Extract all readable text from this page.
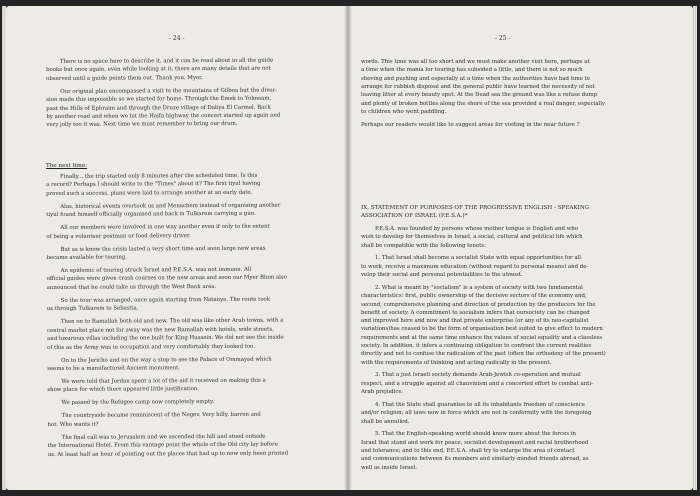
- 24 -
There is no space here to describe it, and it can be read about in all the guide
books but once again, even while looking at it, there are many details that are not
observed until a guide points them out. Thank you, Myer.
Our original plan encompassed a visit to the mountains of Gilboa but the diver-
sion made this impossible so we started for home. Through the Emek to Yokneam,
past the Hills of Ephraim and through the Druze village of Daliya El Carmel. Back
by another road and when we hit the Haifa highway the concert started up again and
very jolly too it was. Next time we must remember to bring our drum.
The next time:
Finally... the trip started only 8 minutes after the scheduled time. Is this
a record? Perhaps I should write to the "Times" about it? The first tiyul having
proved such a success, plans were laid to arrange another at an early date.
Alas, historical events overtook us and Menachem instead of organising another
tiyul found himself officially organised and back in Tulkarem carrying a gun.
All our members were involved in one way another even if only to the extent
of being a volunteer postman or food delivery driver.
But as is know the crisis lasted a very short time and soon large new areas
became available for touring.
An epidemic of touring struck Israel and P.E.S.A. was not immune. All
official guides were given crash courses on the new areas and soon our Myer Blum also
announced that he could take us through the West Bank area.
So the tour was arranged, once again starting from Natanya. The route took
us through Tulkarem to Sebastia.
Then on to Ramallah both old and new. The old was like other Arab towns, with a
central market place not far away was the new Ramallah with hotels, wide streets,
and luxurious villas including the one built for King Hussein. We did not see the inside
of this as the Army was in occupation and very comfortably they looked too.
On to the Jericho and on the way a stop to see the Palace of Ommayad which
seems to be a manufactured Ancient monument.
We were told that Jordan spent a lot of the aid it received on making this a
show place for which there appeared little justification.
We passed by the Refugee camp now completely empty.
The countryside became reminiscent of the Negev. Very hilly, barren and
hot. Who wants it?
The final call was to Jerusalem and we ascended the hill and stood outside
the International Hotel. From this vantage point the whole of the Old city lay before
us. At least half an hour of pointing out the places that had up to now only been printed
- 25 -
words. This time was all too short and we must make another visit here, perhaps at
a time when the mania for touring has subsided a little, and there is not so much
shoving and pushing and especially at a time when the authorities have had time to
arrange for rubbish disposal and the general public have learned the necessity of not
leaving litter at every beauty spot. At the Dead sea the ground was like a refuse dump
and plenty of broken bottles along the shore of the sea provided a real danger, especially
to children who went paddling.
Perhaps our readers would like to suggest areas for visiting in the near future ?
IX. STATEMENT OF PURPOSES OF THE PROGRESSIVE ENGLISH - SPEAKING
ASSOCIATION OF ISRAEL (P.E.S.A.)*
P.E.S.A. was founded by persons whose mother tongue is English and who
wish to develop for themselves in Israel, a social, cultural and political life which
shall be compatible with the following tenets:
1. That Israel shall become a socialist State with equal opportunities for all
to work, receive a maximum education (without regard to personal means) and de-
velop their social and personal potentialities to the utmost.
2. What is meant by "socialism" is a system of society with two fundamental
characteristics: first, public ownership of the decisive sectors of the economy and,
second, comprehensive planning and direction of production by the producers for the
benefit of society. A commitment to socialism infers that oursociety can be changed
and improved here and now and that private enterprise (or any of its neo-capitalist
variations)has ceased to be the form of organisation best suited to give effect to modern
requirements and at the same time enhance the values of social equality and a classless
society. In addition, it infers a continuing obligation to confront the current realities
directly and not to confuse the radicalism of the past (often the orthodoxy of the present)
with the requirements of thinking and acting radically in the present.
3. That a just Israeli society demands Arab-Jewish co-operation and mutual
respect, and a struggle against all chauvinism and a concerted effort to combat anti-
Arab prejudice.
4. That the State shall guarantee to all its inhabitants freedom of conscience
and/or religion; all laws now in force which are not in conformity with the foregoing
shall be annulled.
5. That the English-speaking world should know more about the forces in
Israel that stand and work for peace, socialist development and racial brotherhood
and tolerance; and to this end, P.E.S.A. shall try to enlarge the area of contact
and communications between its members and similarly-minded friends abroad, as
well as inside Israel.
